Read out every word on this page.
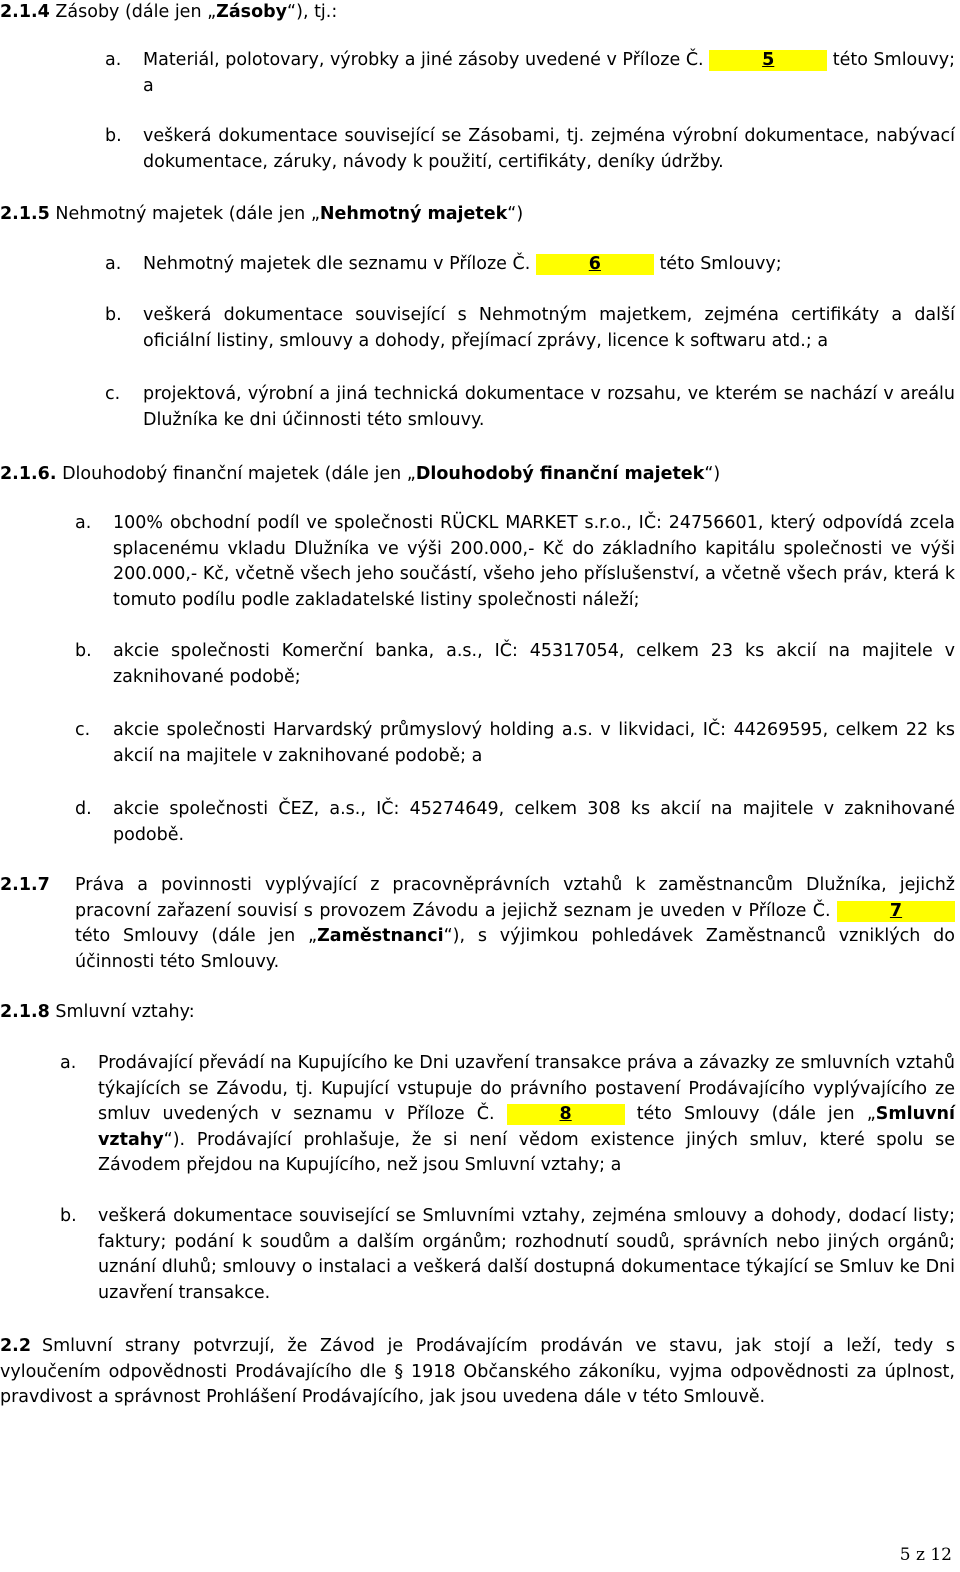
2.1.4 Zásoby (dále jen „Zásoby“), tj.:
a. Materiál, polotovary, výrobky a jiné zásoby uvedené v Příloze Č.	5	této Smlouvy; a
b. veškerá dokumentace související se Zásobami, tj. zejména výrobní dokumentace, nabývací dokumentace, záruky, návody k použití, certifikáty, deníky údržby.
2.1.5 Nehmotný majetek (dále jen „Nehmotný majetek“)
a. Nehmotný majetek dle seznamu v Příloze Č.	6	této Smlouvy;
b. veškerá dokumentace související s Nehmotným majetkem, zejména certifikáty a další oficiální listiny, smlouvy a dohody, přejímací zprávy, licence k softwaru atd.; a
c. projektová, výrobní a jiná technická dokumentace v rozsahu, ve kterém se nachází v areálu Dlužníka ke dni účinnosti této smlouvy.
2.1.6. Dlouhodobý finanční majetek (dále jen „Dlouhodobý finanční majetek“)
a. 100% obchodní podíl ve společnosti RÜCKL MARKET s.r.o., IČ: 24756601, který odpovídá zcela splacenému vkladu Dlužníka ve výši 200.000,- Kč do základního kapitálu společnosti ve výši 200.000,- Kč, včetně všech jeho součástí, všeho jeho příslušenství, a včetně všech práv, která k tomuto podílu podle zakladatelské listiny společnosti náleží;
b. akcie společnosti Komerční banka, a.s., IČ: 45317054, celkem 23 ks akcií na majitele v zaknihované podobě;
c. akcie společnosti Harvardský průmyslový holding a.s. v likvidaci, IČ: 44269595, celkem 22 ks akcií na majitele v zaknihované podobě; a
d. akcie společnosti ČEZ, a.s., IČ: 45274649, celkem 308 ks akcií na majitele v zaknihované podobě.
2.1.7 Práva a povinnosti vyplývající z pracovněprávních vztahů k zaměstnancům Dlužníka, jejichž pracovní zařazení souvisí s provozem Závodu a jejichž seznam je uveden v Příloze Č.	7 této Smlouvy (dále jen „Zaměstnanci“), s výjimkou pohledávek Zaměstnanců vzniklých do účinnosti této Smlouvy.
2.1.8 Smluvní vztahy:
a. Prodávající převádí na Kupujícího ke Dni uzavření transakce práva a závazky ze smluvních vztahů týkajících se Závodu, tj. Kupující vstupuje do právního postavení Prodávajícího vyplývajícího ze smluv uvedených v seznamu v Příloze Č.	8	této Smlouvy (dále jen „Smluvní vztahy“). Prodávající prohlašuje, že si není vědom existence jiných smluv, které spolu se Závodem přejdou na Kupujícího, než jsou Smluvní vztahy; a
b. veškerá dokumentace související se Smluvními vztahy, zejména smlouvy a dohody, dodací listy; faktury; podání k soudům a dalším orgánům; rozhodnutí soudů, správních nebo jiných orgánů; uznání dluhů; smlouvy o instalaci a veškerá další dostupná dokumentace týkající se Smluv ke Dni uzavření transakce.
2.2 Smluvní strany potvrzují, že Závod je Prodávajícím prodáván ve stavu, jak stojí a leží, tedy s vyloučením odpovědnosti Prodávajícího dle § 1918 Občanského zákoníku, vyjma odpovědnosti za úplnost, pravdivost a správnost Prohlášení Prodávajícího, jak jsou uvedena dále v této Smlouvě.
5 z 12
